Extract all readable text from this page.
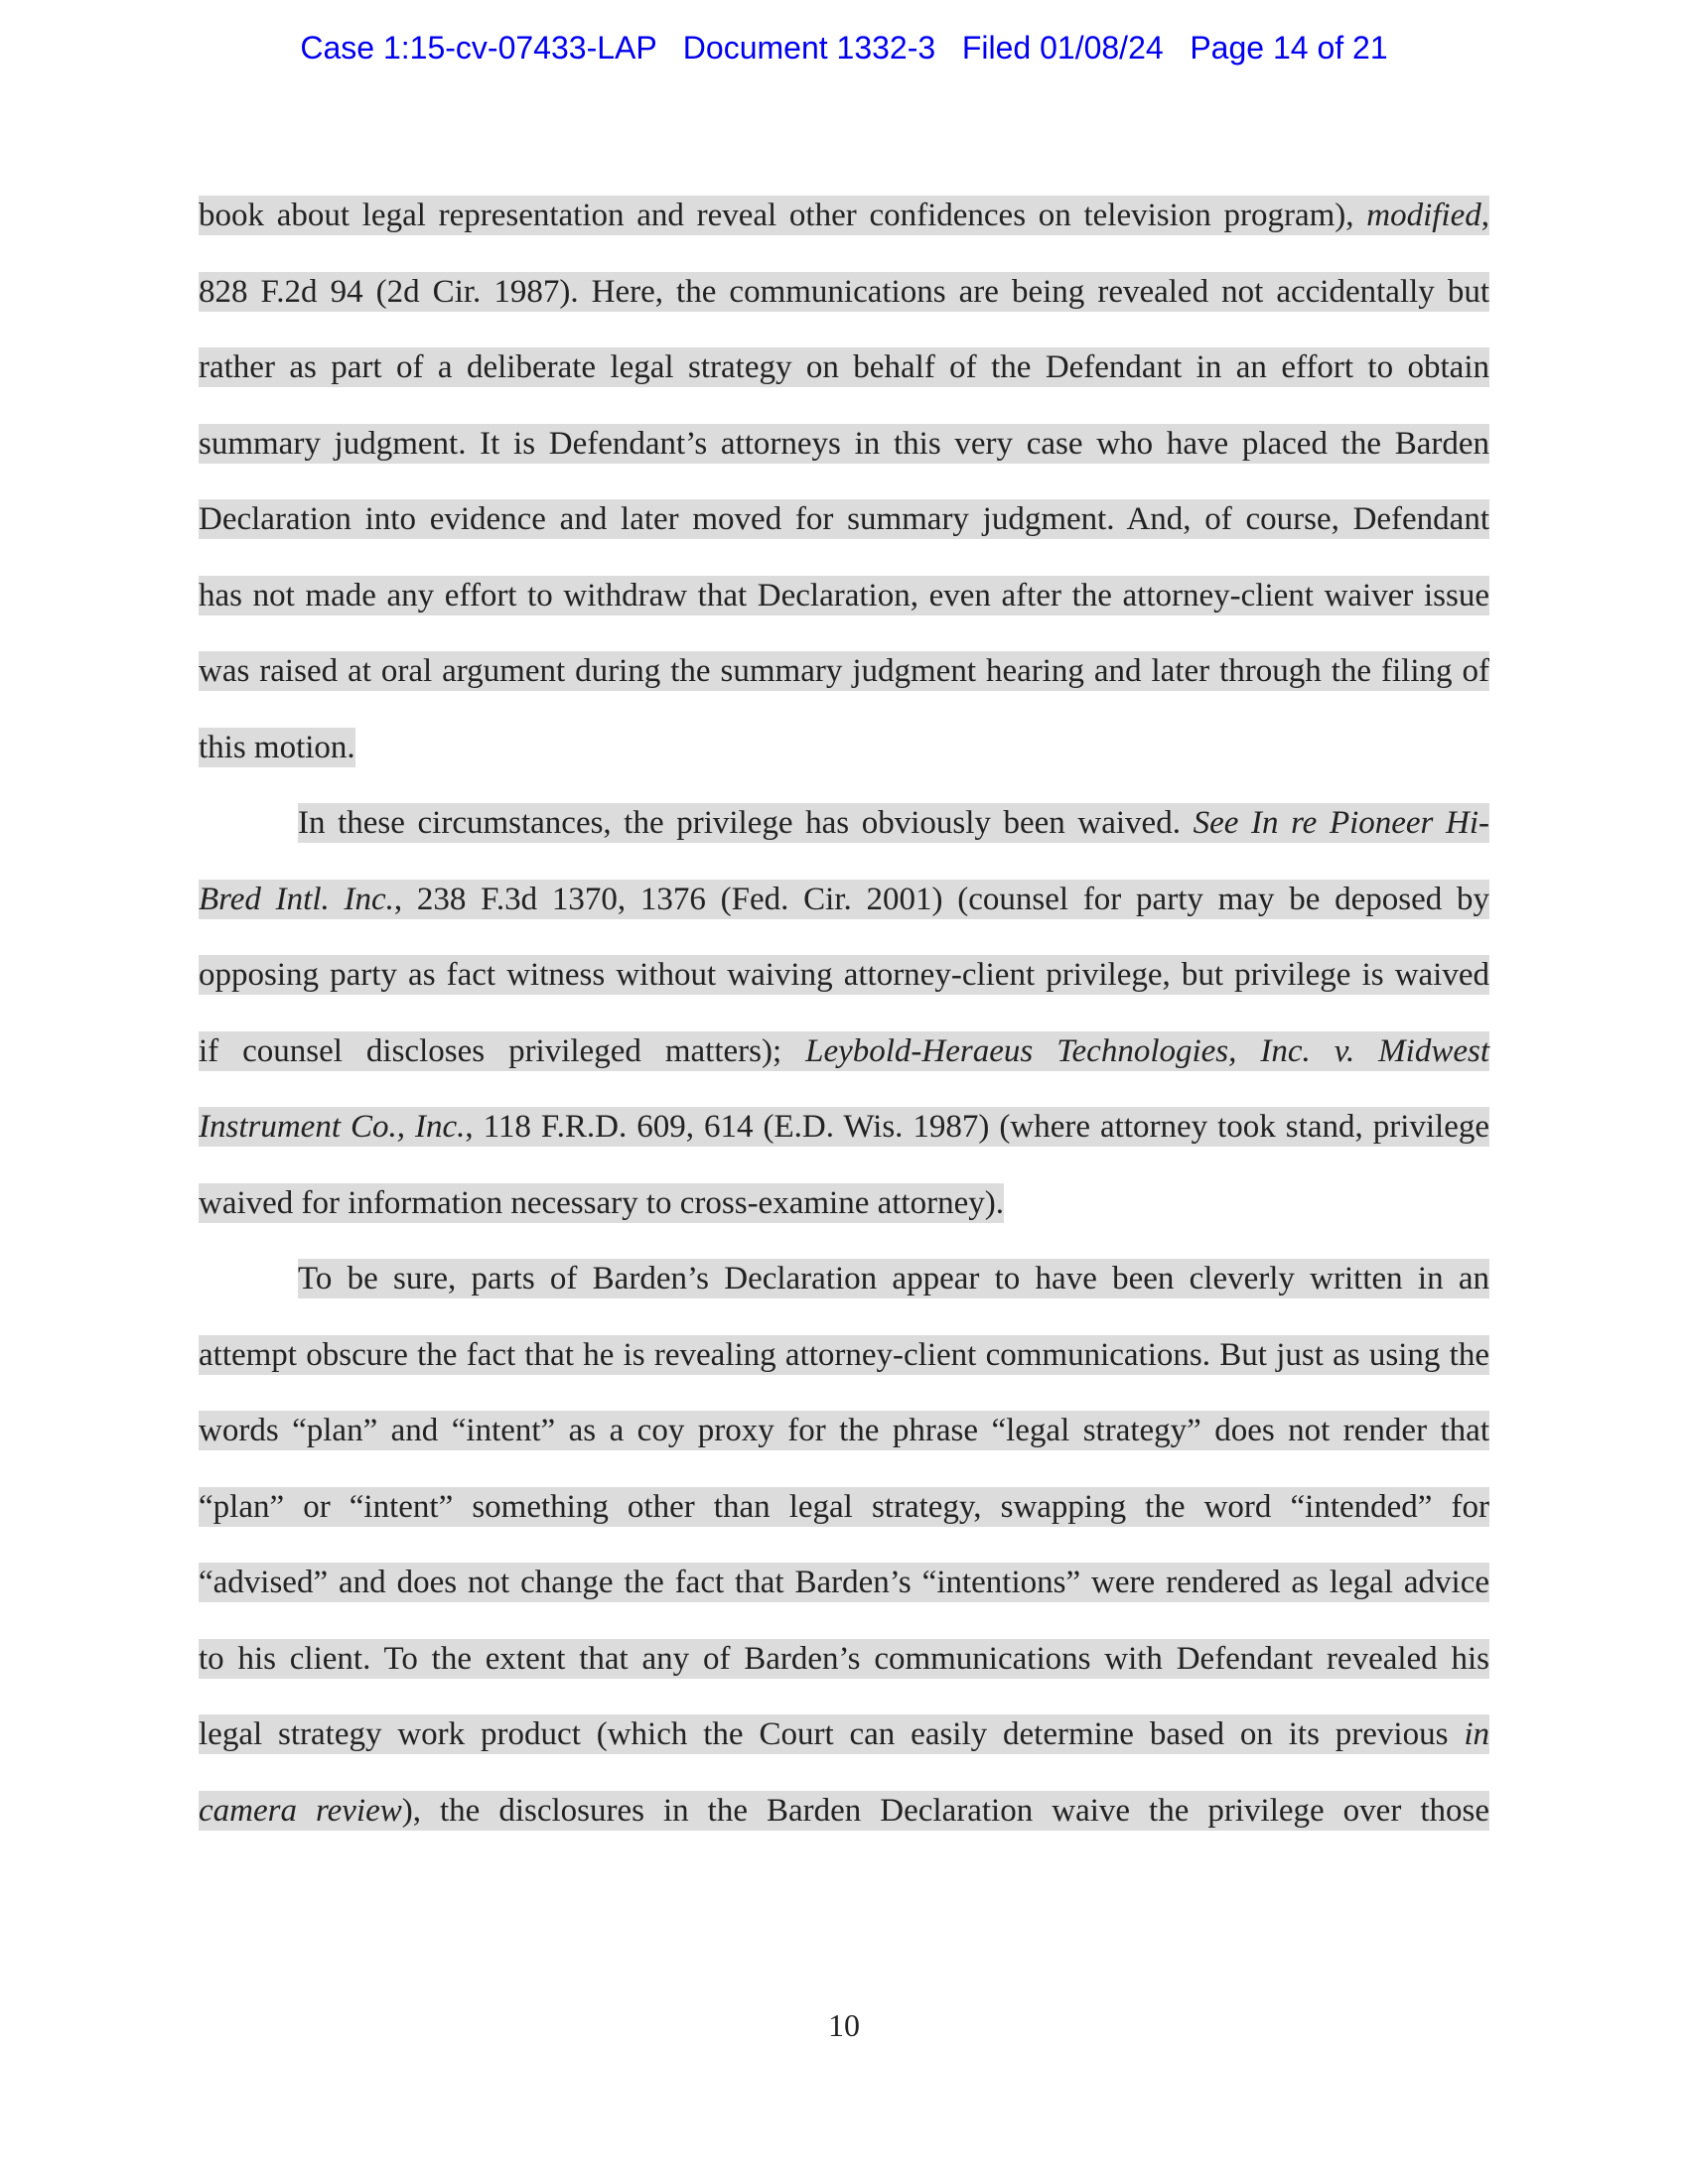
Case 1:15-cv-07433-LAP Document 1332-3 Filed 01/08/24 Page 14 of 21
book about legal representation and reveal other confidences on television program), modified,
828 F.2d 94 (2d Cir. 1987). Here, the communications are being revealed not accidentally but
rather as part of a deliberate legal strategy on behalf of the Defendant in an effort to obtain
summary judgment. It is Defendant’s attorneys in this very case who have placed the Barden
Declaration into evidence and later moved for summary judgment. And, of course, Defendant
has not made any effort to withdraw that Declaration, even after the attorney-client waiver issue
was raised at oral argument during the summary judgment hearing and later through the filing of
this motion.
In these circumstances, the privilege has obviously been waived. See In re Pioneer Hi-
Bred Intl. Inc., 238 F.3d 1370, 1376 (Fed. Cir. 2001) (counsel for party may be deposed by
opposing party as fact witness without waiving attorney-client privilege, but privilege is waived
if counsel discloses privileged matters); Leybold-Heraeus Technologies, Inc. v. Midwest
Instrument Co., Inc., 118 F.R.D. 609, 614 (E.D. Wis. 1987) (where attorney took stand, privilege
waived for information necessary to cross-examine attorney).
To be sure, parts of Barden’s Declaration appear to have been cleverly written in an
attempt obscure the fact that he is revealing attorney-client communications. But just as using the
words “plan” and “intent” as a coy proxy for the phrase “legal strategy” does not render that
“plan” or “intent” something other than legal strategy, swapping the word “intended” for
“advised” and does not change the fact that Barden’s “intentions” were rendered as legal advice
to his client. To the extent that any of Barden’s communications with Defendant revealed his
legal strategy work product (which the Court can easily determine based on its previous in
camera review), the disclosures in the Barden Declaration waive the privilege over those
10
